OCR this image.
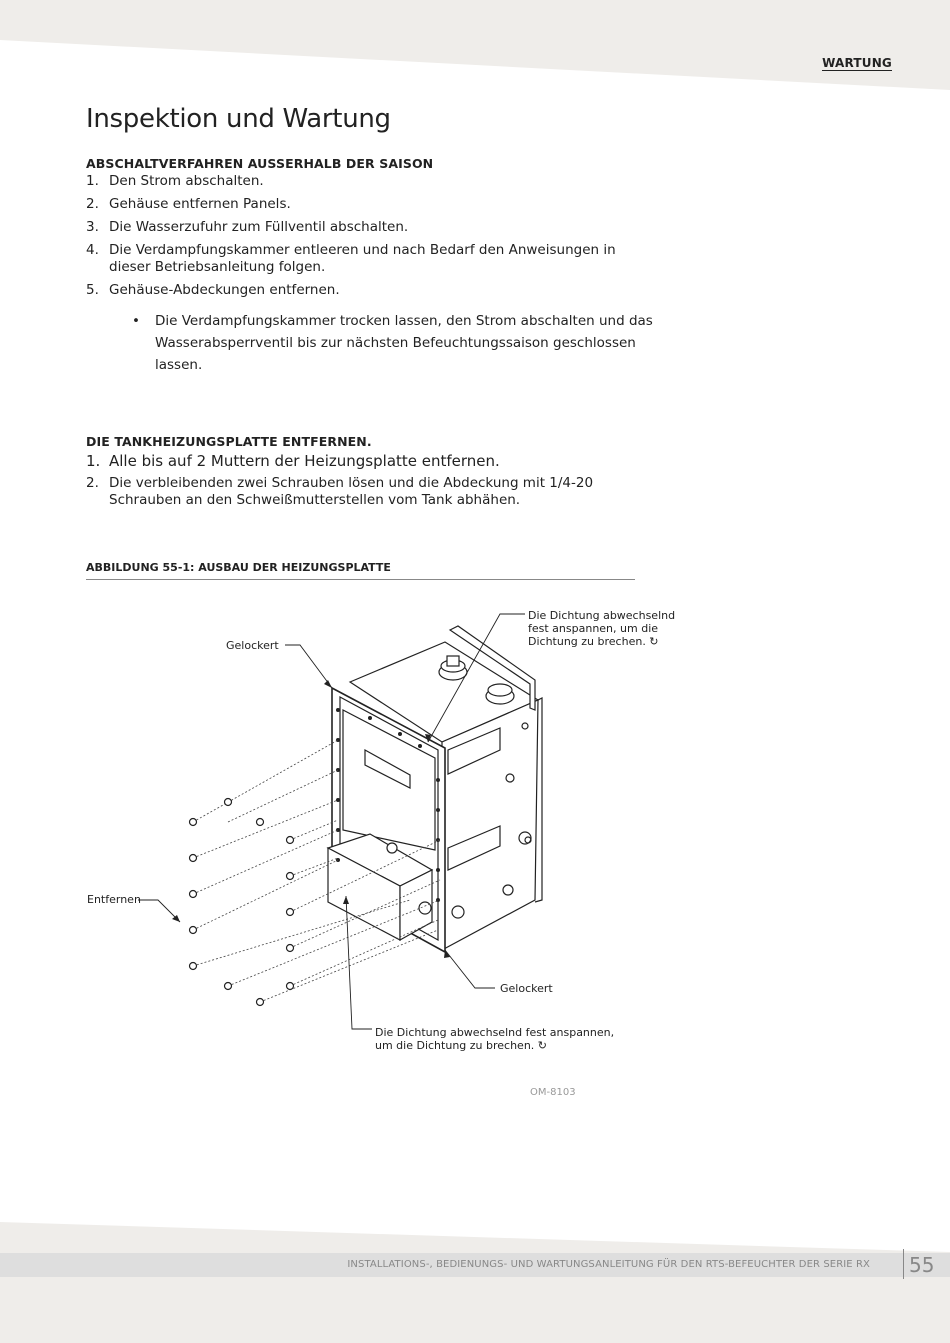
WARTUNG
Inspektion und Wartung
ABSCHALTVERFAHREN AUSSERHALB DER SAISON
1. Den Strom abschalten.
2. Gehäuse entfernen Panels.
3. Die Wasserzufuhr zum Füllventil abschalten.
4. Die Verdampfungskammer entleeren und nach Bedarf den Anweisungen in dieser Betriebsanleitung folgen.
5. Gehäuse-Abdeckungen entfernen.
• Die Verdampfungskammer trocken lassen, den Strom abschalten und das Wasserabsperrventil bis zur nächsten Befeuchtungssaison geschlossen lassen.
DIE TANKHEIZUNGSPLATTE ENTFERNEN.
1. Alle bis auf 2 Muttern der Heizungsplatte entfernen.
2. Die verbleibenden zwei Schrauben lösen und die Abdeckung mit 1/4-20 Schrauben an den Schweißmutterstellen vom Tank abhähen.
ABBILDUNG 55-1: AUSBAU DER HEIZUNGSPLATTE
Gelockert
Die Dichtung abwechselnd
fest anspannen, um die
Dichtung zu brechen. ↻
Entfernen
Gelockert
Die Dichtung abwechselnd fest anspannen,
um die Dichtung zu brechen. ↻
OM-8103
INSTALLATIONS-, BEDIENUNGS- UND WARTUNGSANLEITUNG FÜR DEN RTS-BEFEUCHTER DER SERIE RX 55
